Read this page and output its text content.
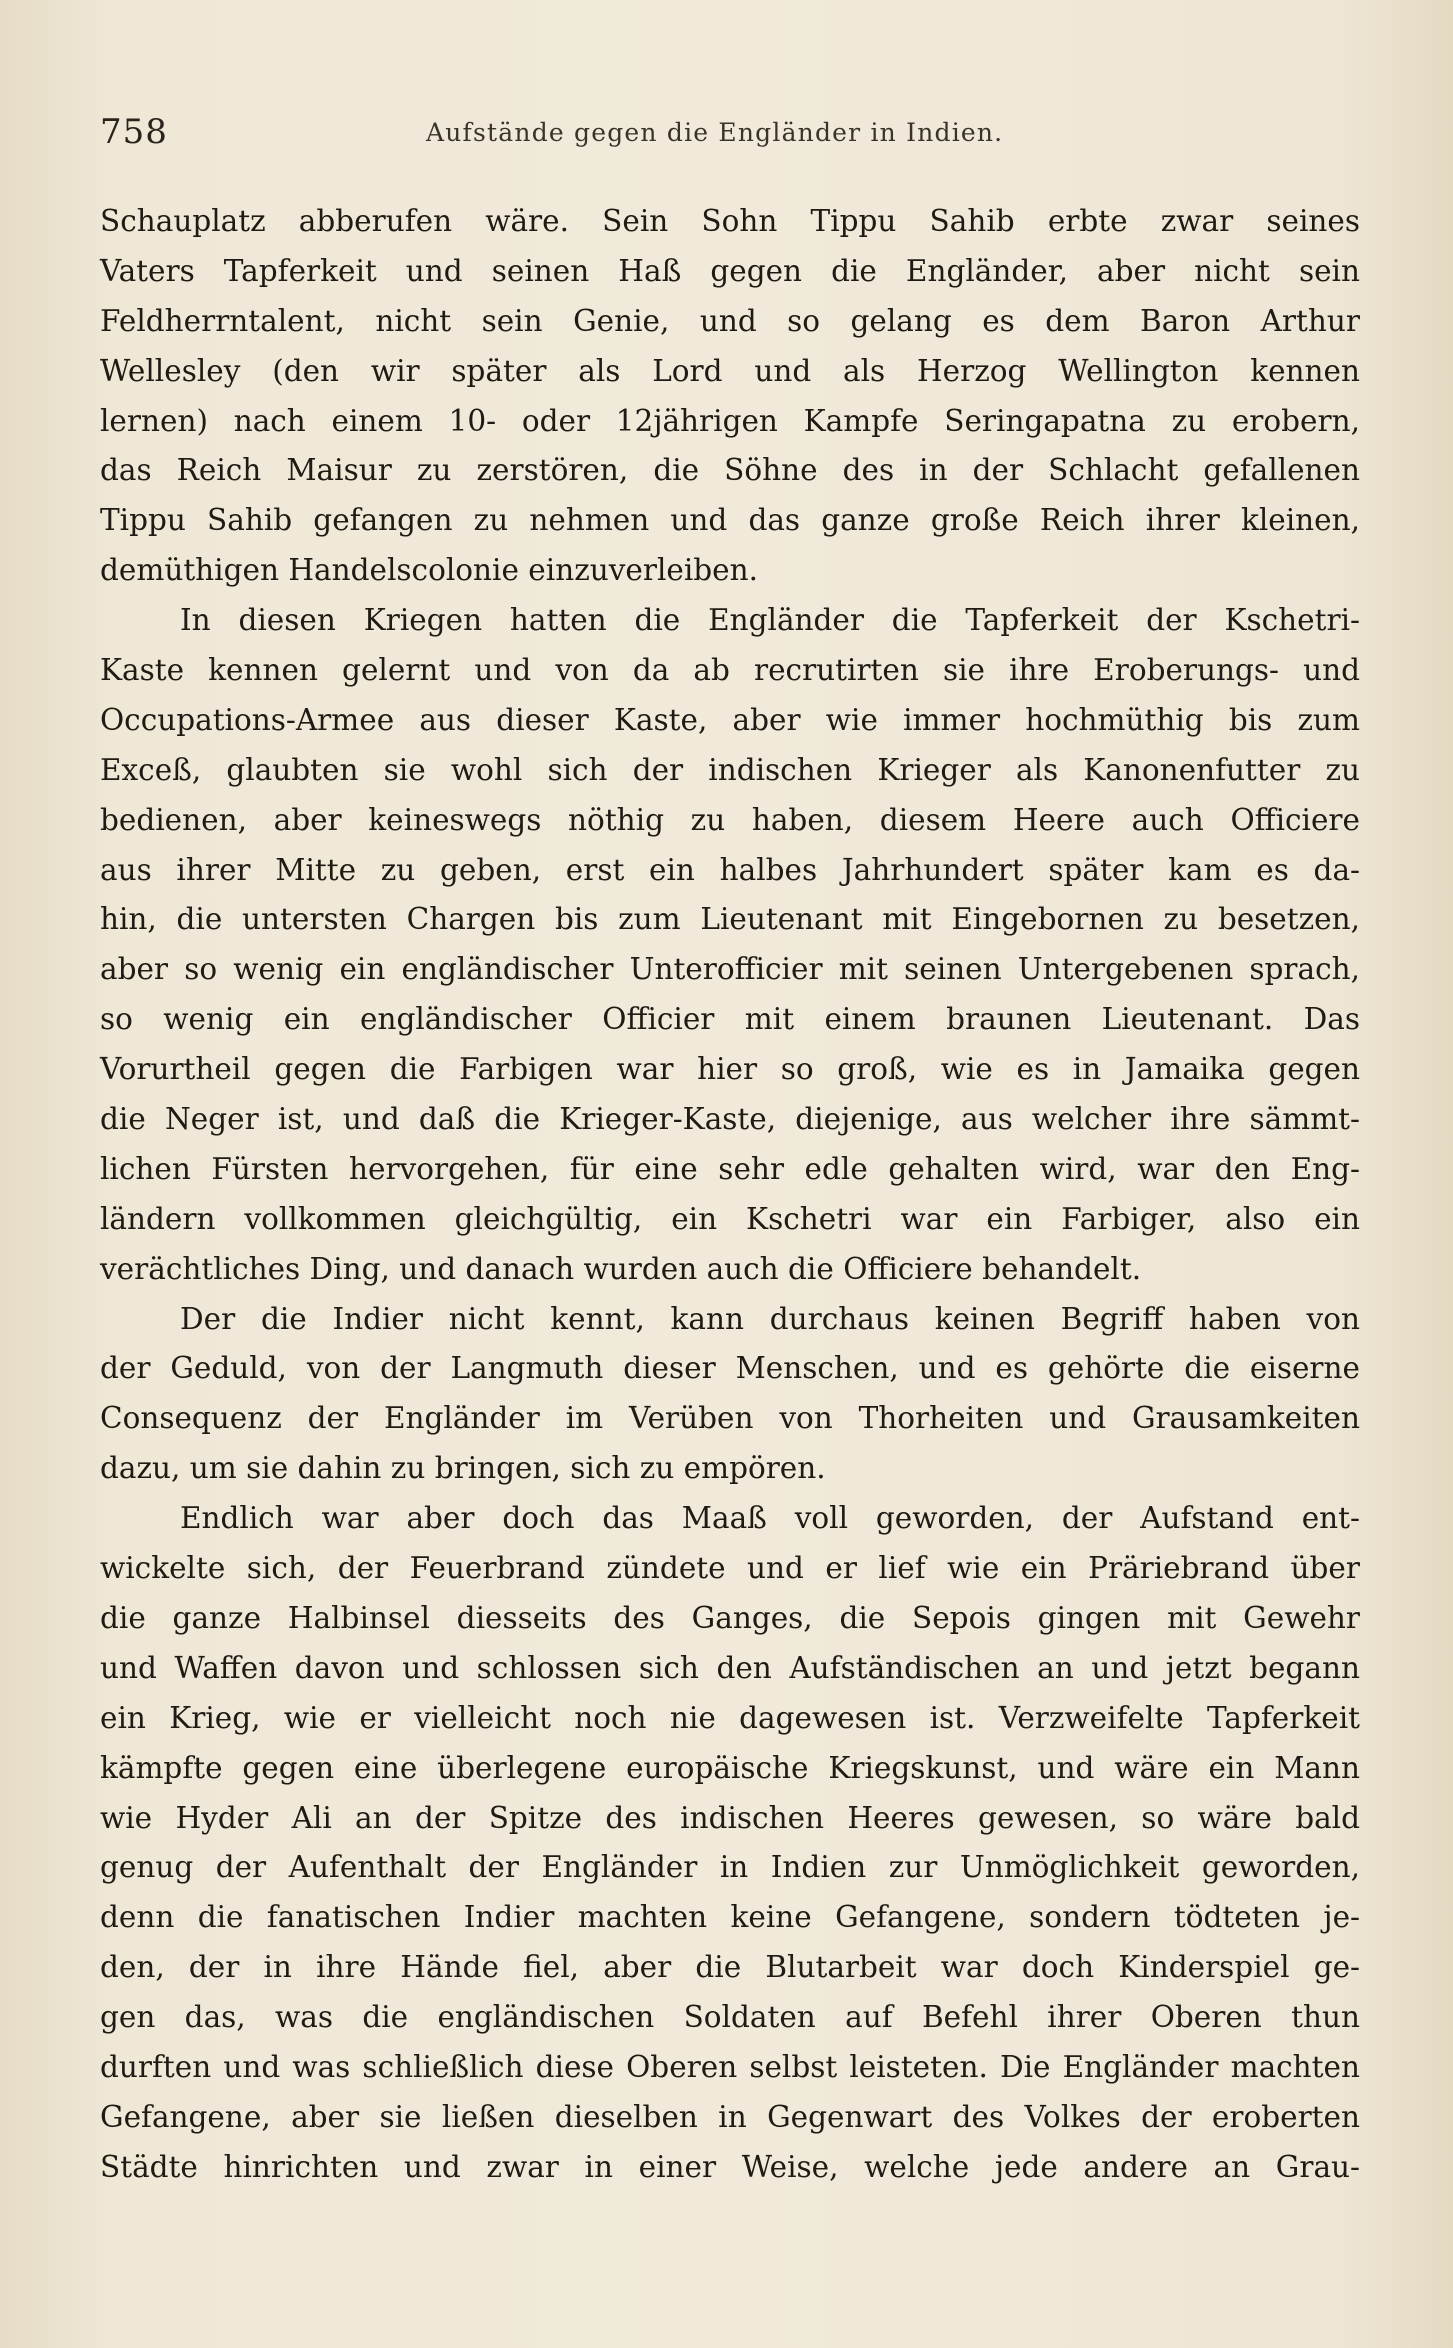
758	Aufstände gegen die Engländer in Indien.
Schauplatz abberufen wäre. Sein Sohn Tippu Sahib erbte zwar seines
Vaters Tapferkeit und seinen Haß gegen die Engländer, aber nicht sein
Feldherrntalent, nicht sein Genie, und so gelang es dem Baron Arthur
Wellesley (den wir später als Lord und als Herzog Wellington kennen
lernen) nach einem 10- oder 12jährigen Kampfe Seringapatna zu erobern,
das Reich Maisur zu zerstören, die Söhne des in der Schlacht gefallenen
Tippu Sahib gefangen zu nehmen und das ganze große Reich ihrer kleinen,
demüthigen Handelscolonie einzuverleiben.
In diesen Kriegen hatten die Engländer die Tapferkeit der Kschetri-
Kaste kennen gelernt und von da ab recrutirten sie ihre Eroberungs- und
Occupations-Armee aus dieser Kaste, aber wie immer hochmüthig bis zum
Exceß, glaubten sie wohl sich der indischen Krieger als Kanonenfutter zu
bedienen, aber keineswegs nöthig zu haben, diesem Heere auch Officiere
aus ihrer Mitte zu geben, erst ein halbes Jahrhundert später kam es da-
hin, die untersten Chargen bis zum Lieutenant mit Eingebornen zu besetzen,
aber so wenig ein engländischer Unterofficier mit seinen Untergebenen sprach,
so wenig ein engländischer Officier mit einem braunen Lieutenant. Das
Vorurtheil gegen die Farbigen war hier so groß, wie es in Jamaika gegen
die Neger ist, und daß die Krieger-Kaste, diejenige, aus welcher ihre sämmt-
lichen Fürsten hervorgehen, für eine sehr edle gehalten wird, war den Eng-
ländern vollkommen gleichgültig, ein Kschetri war ein Farbiger, also ein
verächtliches Ding, und danach wurden auch die Officiere behandelt.
Der die Indier nicht kennt, kann durchaus keinen Begriff haben von
der Geduld, von der Langmuth dieser Menschen, und es gehörte die eiserne
Consequenz der Engländer im Verüben von Thorheiten und Grausamkeiten
dazu, um sie dahin zu bringen, sich zu empören.
Endlich war aber doch das Maaß voll geworden, der Aufstand ent-
wickelte sich, der Feuerbrand zündete und er lief wie ein Präriebrand über
die ganze Halbinsel diesseits des Ganges, die Sepois gingen mit Gewehr
und Waffen davon und schlossen sich den Aufständischen an und jetzt begann
ein Krieg, wie er vielleicht noch nie dagewesen ist. Verzweifelte Tapferkeit
kämpfte gegen eine überlegene europäische Kriegskunst, und wäre ein Mann
wie Hyder Ali an der Spitze des indischen Heeres gewesen, so wäre bald
genug der Aufenthalt der Engländer in Indien zur Unmöglichkeit geworden,
denn die fanatischen Indier machten keine Gefangene, sondern tödteten je-
den, der in ihre Hände fiel, aber die Blutarbeit war doch Kinderspiel ge-
gen das, was die engländischen Soldaten auf Befehl ihrer Oberen thun
durften und was schließlich diese Oberen selbst leisteten. Die Engländer machten
Gefangene, aber sie ließen dieselben in Gegenwart des Volkes der eroberten
Städte hinrichten und zwar in einer Weise, welche jede andere an Grau-
